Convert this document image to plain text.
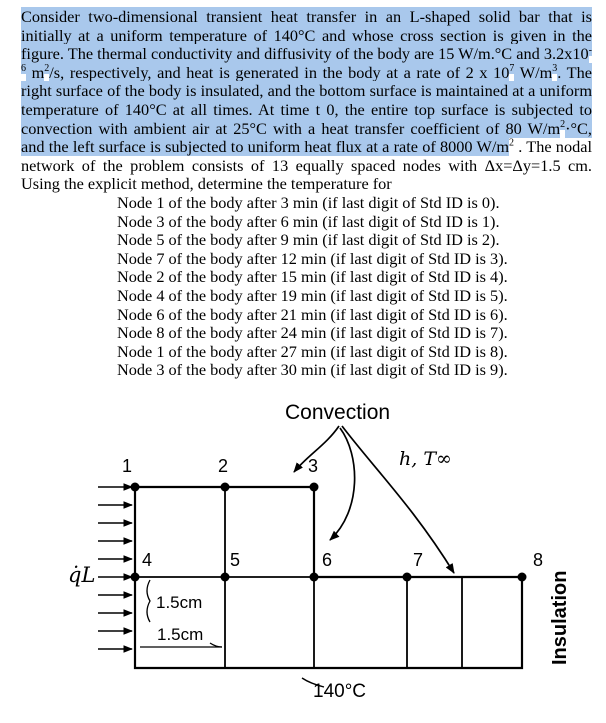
Consider two-dimensional transient heat transfer in an L-shaped solid bar that is initially at a uniform temperature of 140°C and whose cross section is given in the figure. The thermal conductivity and diffusivity of the body are 15 W/m.°C and $3.2x10^{-6}$ $m^2/s$, respectively, and heat is generated in the body at a rate of 2 x $10^7$ $W/m^3$. The right surface of the body is insulated, and the bottom surface is maintained at a uniform temperature of 140°C at all times. At time t 0, the entire top surface is subjected to convection with ambient air at 25°C with a heat transfer coefficient of 80 $W/m^2\cdot^\circ C$, and the left surface is subjected to uniform heat flux at a rate of 8000 $W/m^2$ . The nodal network of the problem consists of 13 equally spaced nodes with Δx=Δy=1.5 cm. Using the explicit method, determine the temperature for
Node 1 of the body after 3 min (if last digit of Std ID is 0).
Node 3 of the body after 6 min (if last digit of Std ID is 1).
Node 5 of the body after 9 min (if last digit of Std ID is 2).
Node 7 of the body after 12 min (if last digit of Std ID is 3).
Node 2 of the body after 15 min (if last digit of Std ID is 4).
Node 4 of the body after 19 min (if last digit of Std ID is 5).
Node 6 of the body after 21 min (if last digit of Std ID is 6).
Node 8 of the body after 24 min (if last digit of Std ID is 7).
Node 1 of the body after 27 min (if last digit of Std ID is 8).
Node 3 of the body after 30 min (if last digit of Std ID is 9).
q̇L
1.5cm
1.5cm
1	2	3
4	5	6	7	8
Convection
h, T∞
140°C
Insulation
